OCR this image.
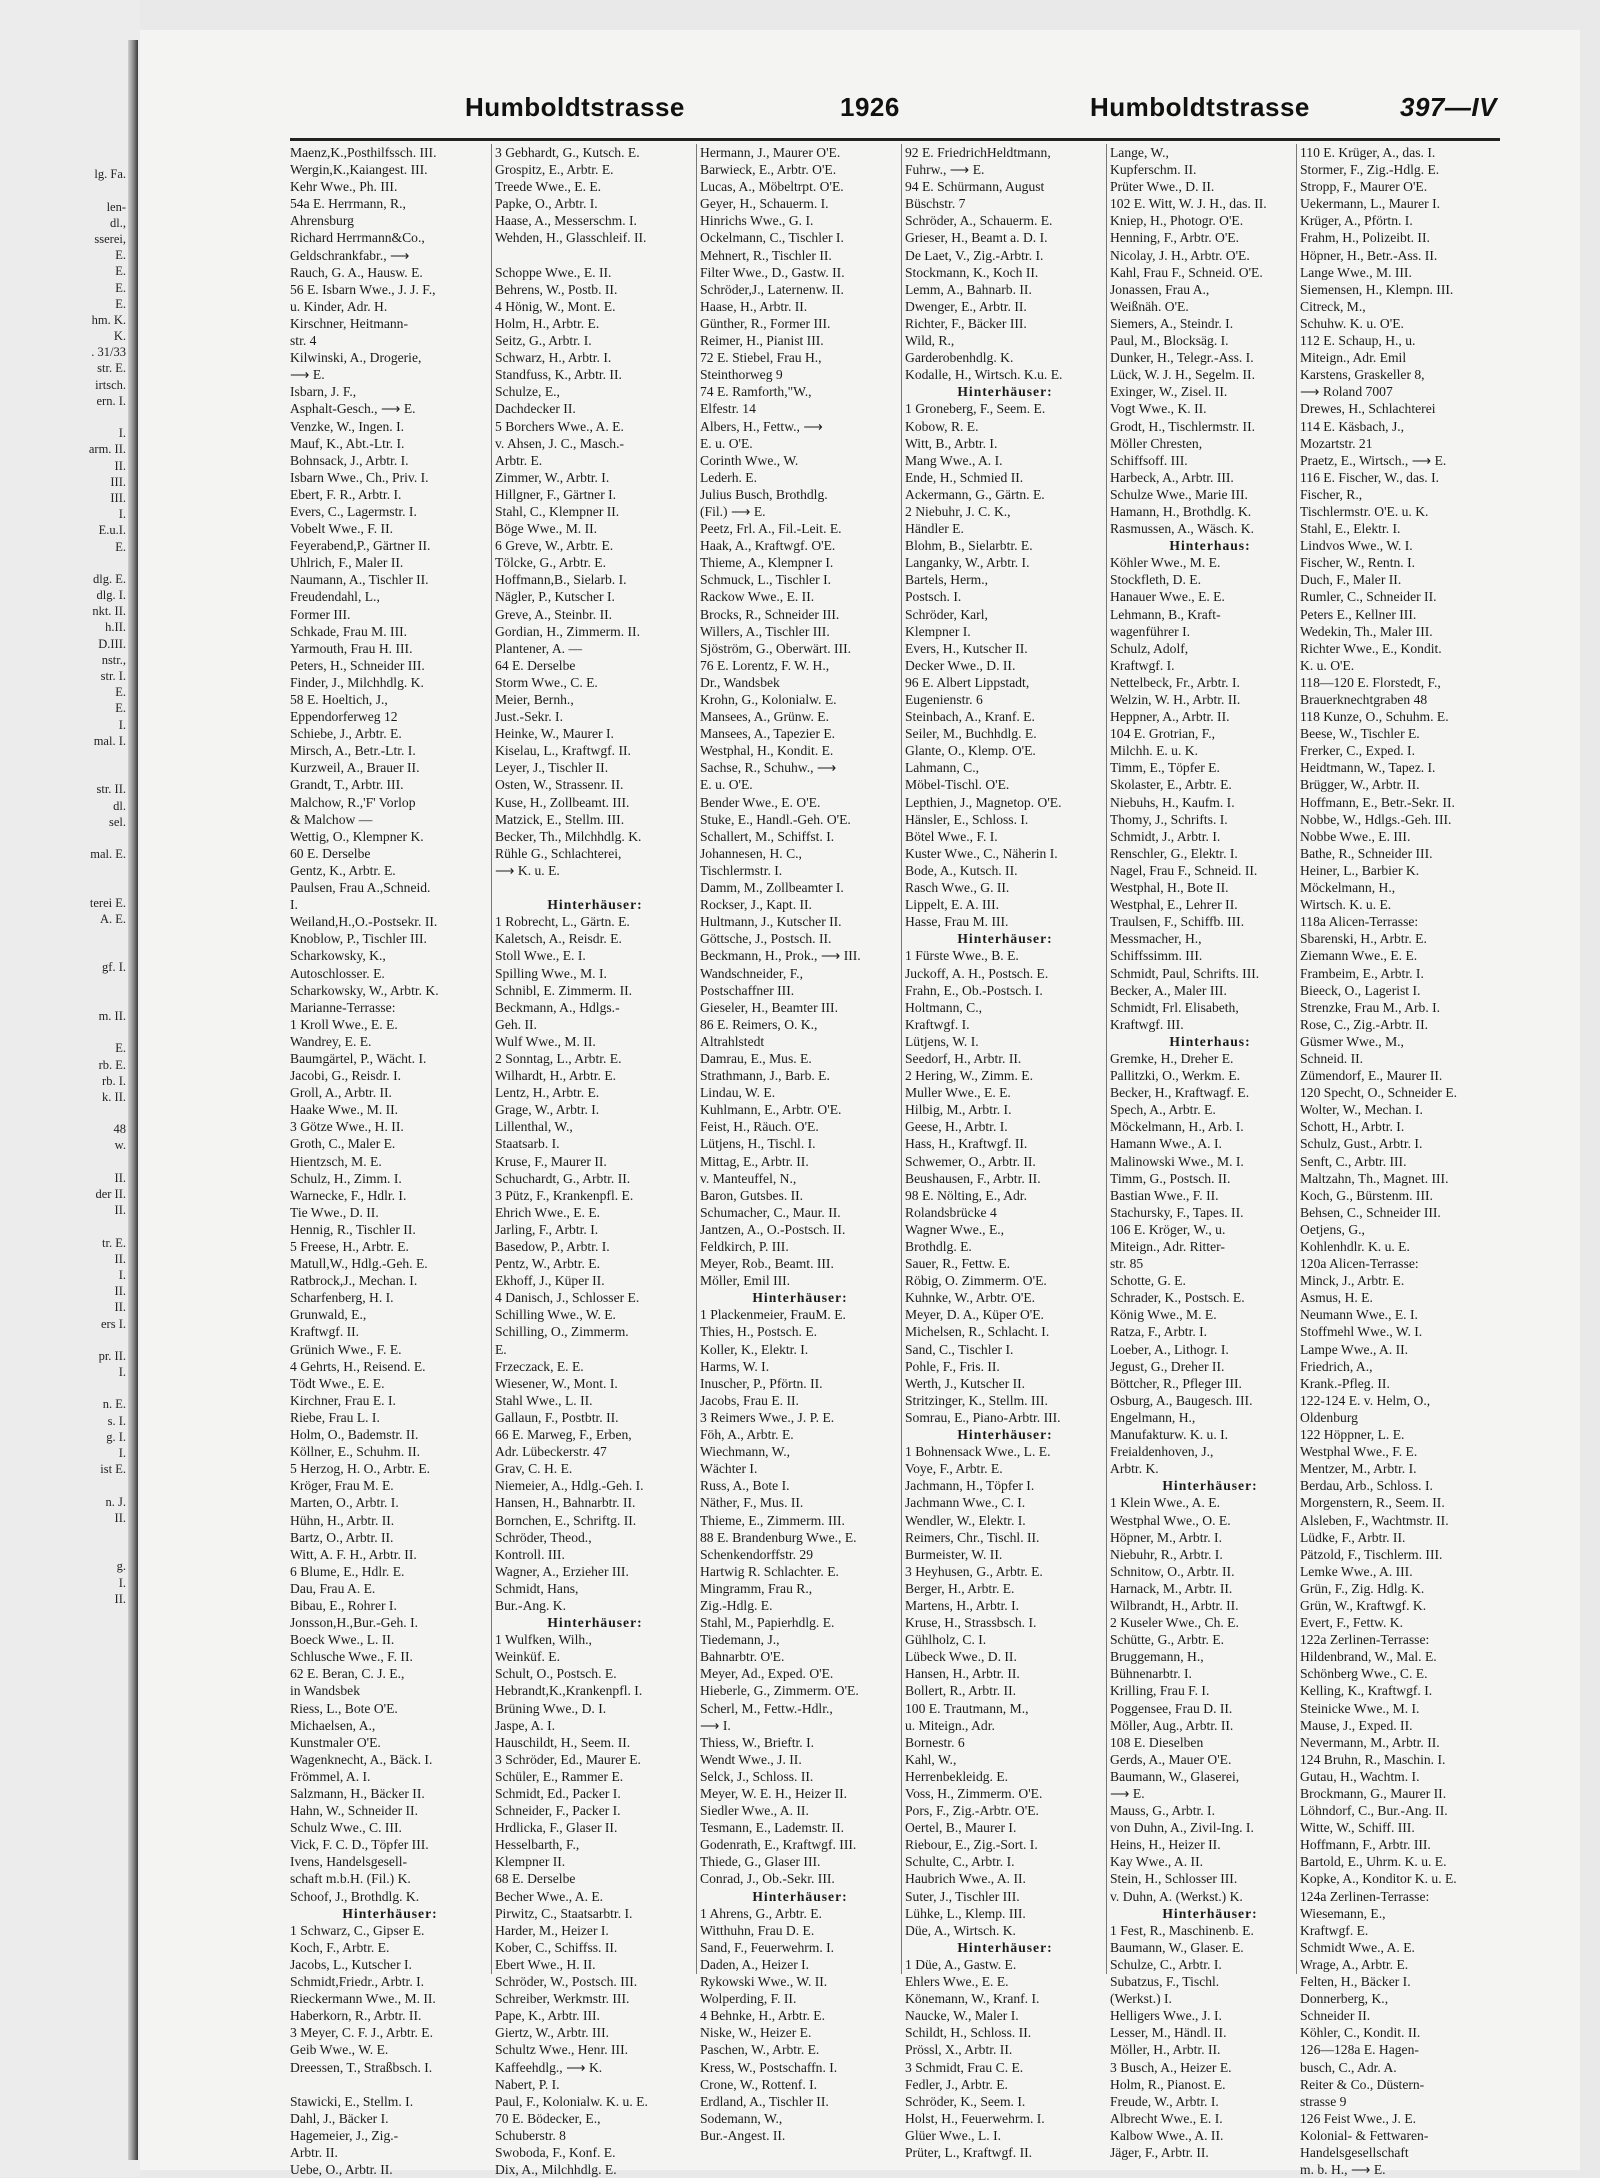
lg. Fa.
len-
dl.,
sserei,
E.
E.
E.
E.
hm. K.
K.
. 31/33
str. E.
irtsch.
ern. I.
I.
arm. II.
II.
III.
III.
I.
E.u.I.
E.
dlg. E.
dlg. I.
nkt. II.
h.II.
D.III.
nstr.,
str. I.
E.
E.
I.
mal. I.
str. II.
dl.
sel.
mal. E.
terei E.
A. E.
gf. I.
m. II.
E.
rb. E.
rb. I.
k. II.
48
w.
II.
der II.
II.
tr. E.
II.
I.
II.
II.
ers I.
pr. II.
I.
n. E.
s. I.
g. I.
I.
ist E.
n. J.
II.
g.
I.
II.
Humboldtstrasse	1926	Humboldtstrasse	397—IV
Maenz,K.,Posthilfssch. III.
Wergin,K.,Kaiangest. III.
Kehr Wwe., Ph. III.
54a E. Herrmann, R.,
Ahrensburg
Richard Herrmann&Co.,
Geldschrankfabr., ⟶
Rauch, G. A., Hausw. E.
56 E. Isbarn Wwe., J. J. F.,
u. Kinder, Adr. H.
Kirschner, Heitmann-
str. 4
Kilwinski, A., Drogerie,
⟶ E.
Isbarn, J. F.,
Asphalt-Gesch., ⟶ E.
Venzke, W., Ingen. I.
Mauf, K., Abt.-Ltr. I.
Bohnsack, J., Arbtr. I.
Isbarn Wwe., Ch., Priv. I.
Ebert, F. R., Arbtr. I.
Evers, C., Lagermstr. I.
Vobelt Wwe., F. II.
Feyerabend,P., Gärtner II.
Uhlrich, F., Maler II.
Naumann, A., Tischler II.
Freudendahl, L.,
Former III.
Schkade, Frau M. III.
Yarmouth, Frau H. III.
Peters, H., Schneider III.
Finder, J., Milchhdlg. K.
58 E. Hoeltich, J.,
Eppendorferweg 12
Schiebe, J., Arbtr. E.
Mirsch, A., Betr.-Ltr. I.
Kurzweil, A., Brauer II.
Grandt, T., Arbtr. III.
Malchow, R.,'F' Vorlop
& Malchow —
Wettig, O., Klempner K.
60 E. Derselbe
Gentz, K., Arbtr. E.
Paulsen, Frau A.,Schneid.
I.
Weiland,H.,O.-Postsekr. II.
Knoblow, P., Tischler III.
Scharkowsky, K.,
Autoschlosser. E.
Scharkowsky, W., Arbtr. K.
Marianne-Terrasse:
1 Kroll Wwe., E. E.
Wandrey, E. E.
Baumgärtel, P., Wächt. I.
Jacobi, G., Reisdr. I.
Groll, A., Arbtr. II.
Haake Wwe., M. II.
3 Götze Wwe., H. II.
Groth, C., Maler E.
Hientzsch, M. E.
Schulz, H., Zimm. I.
Warnecke, F., Hdlr. I.
Tie Wwe., D. II.
Hennig, R., Tischler II.
5 Freese, H., Arbtr. E.
Matull,W., Hdlg.-Geh. E.
Ratbrock,J., Mechan. I.
Scharfenberg, H. I.
Grunwald, E.,
Kraftwgf. II.
Grünich Wwe., F. E.
4 Gehrts, H., Reisend. E.
Tödt Wwe., E. E.
Kirchner, Frau E. I.
Riebe, Frau L. I.
Holm, O., Bademstr. II.
Köllner, E., Schuhm. II.
5 Herzog, H. O., Arbtr. E.
Kröger, Frau M. E.
Marten, O., Arbtr. I.
Hühn, H., Arbtr. II.
Bartz, O., Arbtr. II.
Witt, A. F. H., Arbtr. II.
6 Blume, E., Hdlr. E.
Dau, Frau A. E.
Bibau, E., Rohrer I.
Jonsson,H.,Bur.-Geh. I.
Boeck Wwe., L. II.
Schlusche Wwe., F. II.
62 E. Beran, C. J. E.,
in Wandsbek
Riess, L., Bote O'E.
Michaelsen, A.,
Kunstmaler O'E.
Wagenknecht, A., Bäck. I.
Frömmel, A. I.
Salzmann, H., Bäcker II.
Hahn, W., Schneider II.
Schulz Wwe., C. III.
Vick, F. C. D., Töpfer III.
Ivens, Handelsgesell-
schaft m.b.H. (Fil.) K.
Schoof, J., Brothdlg. K.
Hinterhäuser:
1 Schwarz, C., Gipser E.
Koch, F., Arbtr. E.
Jacobs, L., Kutscher I.
Schmidt,Friedr., Arbtr. I.
Rieckermann Wwe., M. II.
Haberkorn, R., Arbtr. II.
3 Meyer, C. F. J., Arbtr. E.
Geib Wwe., W. E.
Dreessen, T., Straßbsch. I.
Stawicki, E., Stellm. I.
Dahl, J., Bäcker I.
Hagemeier, J., Zig.-
Arbtr. II.
Uebe, O., Arbtr. II.
3 Gebhardt, G., Kutsch. E.
Grospitz, E., Arbtr. E.
Treede Wwe., E. E.
Papke, O., Arbtr. I.
Haase, A., Messerschm. I.
Wehden, H., Glasschleif. II.
Schoppe Wwe., E. II.
Behrens, W., Postb. II.
4 Hönig, W., Mont. E.
Holm, H., Arbtr. E.
Seitz, G., Arbtr. I.
Schwarz, H., Arbtr. I.
Standfuss, K., Arbtr. II.
Schulze, E.,
Dachdecker II.
5 Borchers Wwe., A. E.
v. Ahsen, J. C., Masch.-
Arbtr. E.
Zimmer, W., Arbtr. I.
Hillgner, F., Gärtner I.
Stahl, C., Klempner II.
Böge Wwe., M. II.
6 Greve, W., Arbtr. E.
Tölcke, G., Arbtr. E.
Hoffmann,B., Sielarb. I.
Nägler, P., Kutscher I.
Greve, A., Steinbr. II.
Gordian, H., Zimmerm. II.
Plantener, A. —
64 E. Derselbe
Storm Wwe., C. E.
Meier, Bernh.,
Just.-Sekr. I.
Heinke, W., Maurer I.
Kiselau, L., Kraftwgf. II.
Leyer, J., Tischler II.
Osten, W., Strassenr. II.
Kuse, H., Zollbeamt. III.
Matzick, E., Stellm. III.
Becker, Th., Milchhdlg. K.
Rühle G., Schlachterei,
⟶ K. u. E.
Hinterhäuser:
1 Robrecht, L., Gärtn. E.
Kaletsch, A., Reisdr. E.
Stoll Wwe., E. I.
Spilling Wwe., M. I.
Schnibl, E. Zimmerm. II.
Beckmann, A., Hdlgs.-
Geh. II.
Wulf Wwe., M. II.
2 Sonntag, L., Arbtr. E.
Wilhardt, H., Arbtr. E.
Lentz, H., Arbtr. E.
Grage, W., Arbtr. I.
Lillenthal, W.,
Staatsarb. I.
Kruse, F., Maurer II.
Schuchardt, G., Arbtr. II.
3 Pütz, F., Krankenpfl. E.
Ehrich Wwe., E. E.
Jarling, F., Arbtr. I.
Basedow, P., Arbtr. I.
Pentz, W., Arbtr. E.
Ekhoff, J., Küper II.
4 Danisch, J., Schlosser E.
Schilling Wwe., W. E.
Schilling, O., Zimmerm.
E.
Frzeczack, E. E.
Wiesener, W., Mont. I.
Stahl Wwe., L. II.
Gallaun, F., Postbtr. II.
66 E. Marweg, F., Erben,
Adr. Lübeckerstr. 47
Grav, C. H. E.
Niemeier, A., Hdlg.-Geh. I.
Hansen, H., Bahnarbtr. II.
Bornchen, E., Schriftg. II.
Schröder, Theod.,
Kontroll. III.
Wagner, A., Erzieher III.
Schmidt, Hans,
Bur.-Ang. K.
Hinterhäuser:
1 Wulfken, Wilh.,
Weinküf. E.
Schult, O., Postsch. E.
Hebrandt,K.,Krankenpfl. I.
Brüning Wwe., D. I.
Jaspe, A. I.
Hauschildt, H., Seem. II.
3 Schröder, Ed., Maurer E.
Schüler, E., Rammer E.
Schmidt, Ed., Packer I.
Schneider, F., Packer I.
Hrdlicka, F., Glaser II.
Hesselbarth, F.,
Klempner II.
68 E. Derselbe
Becher Wwe., A. E.
Pirwitz, C., Staatsarbtr. I.
Harder, M., Heizer I.
Kober, C., Schiffss. II.
Ebert Wwe., H. II.
Schröder, W., Postsch. III.
Schreiber, Werkmstr. III.
Pape, K., Arbtr. III.
Giertz, W., Arbtr. III.
Schultz Wwe., Henr. III.
Kaffeehdlg., ⟶ K.
Nabert, P. I.
Paul, F., Kolonialw. K. u. E.
70 E. Bödecker, E.,
Schuberstr. 8
Swoboda, F., Konf. E.
Dix, A., Milchhdlg. E.
Hermann, J., Maurer O'E.
Barwieck, E., Arbtr. O'E.
Lucas, A., Möbeltrpt. O'E.
Geyer, H., Schauerm. I.
Hinrichs Wwe., G. I.
Ockelmann, C., Tischler I.
Mehnert, R., Tischler II.
Filter Wwe., D., Gastw. II.
Schröder,J., Laternenw. II.
Haase, H., Arbtr. II.
Günther, R., Former III.
Reimer, H., Pianist III.
72 E. Stiebel, Frau H.,
Steinthorweg 9
74 E. Ramforth,"W.,
Elfestr. 14
Albers, H., Fettw., ⟶
E. u. O'E.
Corinth Wwe., W.
Lederh. E.
Julius Busch, Brothdlg.
(Fil.) ⟶ E.
Peetz, Frl. A., Fil.-Leit. E.
Haak, A., Kraftwgf. O'E.
Thieme, A., Klempner I.
Schmuck, L., Tischler I.
Rackow Wwe., E. II.
Brocks, R., Schneider III.
Willers, A., Tischler III.
Sjöström, G., Oberwärt. III.
76 E. Lorentz, F. W. H.,
Dr., Wandsbek
Krohn, G., Kolonialw. E.
Mansees, A., Grünw. E.
Mansees, A., Tapezier E.
Westphal, H., Kondit. E.
Sachse, R., Schuhw., ⟶
E. u. O'E.
Bender Wwe., E. O'E.
Stuke, E., Handl.-Geh. O'E.
Schallert, M., Schiffst. I.
Johannesen, H. C.,
Tischlermstr. I.
Damm, M., Zollbeamter I.
Rockser, J., Kapt. II.
Hultmann, J., Kutscher II.
Göttsche, J., Postsch. II.
Beckmann, H., Prok., ⟶ III.
Wandschneider, F.,
Postschaffner III.
Gieseler, H., Beamter III.
86 E. Reimers, O. K.,
Altrahlstedt
Damrau, E., Mus. E.
Strathmann, J., Barb. E.
Lindau, W. E.
Kuhlmann, E., Arbtr. O'E.
Feist, H., Räuch. O'E.
Lütjens, H., Tischl. I.
Mittag, E., Arbtr. II.
v. Manteuffel, N.,
Baron, Gutsbes. II.
Schumacher, C., Maur. II.
Jantzen, A., O.-Postsch. II.
Feldkirch, P. III.
Meyer, Rob., Beamt. III.
Möller, Emil III.
Hinterhäuser:
1 Plackenmeier, FrauM. E.
Thies, H., Postsch. E.
Koller, K., Elektr. I.
Harms, W. I.
Inuscher, P., Pförtn. II.
Jacobs, Frau E. II.
3 Reimers Wwe., J. P. E.
Föh, A., Arbtr. E.
Wiechmann, W.,
Wächter I.
Russ, A., Bote I.
Näther, F., Mus. II.
Thieme, E., Zimmerm. III.
88 E. Brandenburg Wwe., E.
Schenkendorffstr. 29
Hartwig R. Schlachter. E.
Mingramm, Frau R.,
Zig.-Hdlg. E.
Stahl, M., Papierhdlg. E.
Tiedemann, J.,
Bahnarbtr. O'E.
Meyer, Ad., Exped. O'E.
Hieberle, G., Zimmerm. O'E.
Scherl, M., Fettw.-Hdlr.,
⟶ I.
Thiess, W., Brieftr. I.
Wendt Wwe., J. II.
Selck, J., Schloss. II.
Meyer, W. E. H., Heizer II.
Siedler Wwe., A. II.
Tesmann, E., Lademstr. II.
Godenrath, E., Kraftwgf. III.
Thiede, G., Glaser III.
Conrad, J., Ob.-Sekr. III.
Hinterhäuser:
1 Ahrens, G., Arbtr. E.
Witthuhn, Frau D. E.
Sand, F., Feuerwehrm. I.
Daden, A., Heizer I.
Rykowski Wwe., W. II.
Wolperding, F. II.
4 Behnke, H., Arbtr. E.
Niske, W., Heizer E.
Paschen, W., Arbtr. E.
Kress, W., Postschaffn. I.
Crone, W., Rottenf. I.
Erdland, A., Tischler II.
Sodemann, W.,
Bur.-Angest. II.
92 E. FriedrichHeldtmann,
Fuhrw., ⟶ E.
94 E. Schürmann, August
Büschstr. 7
Schröder, A., Schauerm. E.
Grieser, H., Beamt a. D. I.
De Laet, V., Zig.-Arbtr. I.
Stockmann, K., Koch II.
Lemm, A., Bahnarb. II.
Dwenger, E., Arbtr. II.
Richter, F., Bäcker III.
Wild, R.,
Garderobenhdlg. K.
Kodalle, H., Wirtsch. K.u. E.
Hinterhäuser:
1 Groneberg, F., Seem. E.
Kobow, R. E.
Witt, B., Arbtr. I.
Mang Wwe., A. I.
Ende, H., Schmied II.
Ackermann, G., Gärtn. E.
2 Niebuhr, J. C. K.,
Händler E.
Blohm, B., Sielarbtr. E.
Langanky, W., Arbtr. I.
Bartels, Herm.,
Postsch. I.
Schröder, Karl,
Klempner I.
Evers, H., Kutscher II.
Decker Wwe., D. II.
96 E. Albert Lippstadt,
Eugenienstr. 6
Steinbach, A., Kranf. E.
Seiler, M., Buchhdlg. E.
Glante, O., Klemp. O'E.
Lahmann, C.,
Möbel-Tischl. O'E.
Lepthien, J., Magnetop. O'E.
Hänsler, E., Schloss. I.
Bötel Wwe., F. I.
Kuster Wwe., C., Näherin I.
Bode, A., Kutsch. II.
Rasch Wwe., G. II.
Lippelt, E. A. III.
Hasse, Frau M. III.
Hinterhäuser:
1 Fürste Wwe., B. E.
Juckoff, A. H., Postsch. E.
Frahn, E., Ob.-Postsch. I.
Holtmann, C.,
Kraftwgf. I.
Lütjens, W. I.
Seedorf, H., Arbtr. II.
2 Hering, W., Zimm. E.
Muller Wwe., E. E.
Hilbig, M., Arbtr. I.
Geese, H., Arbtr. I.
Hass, H., Kraftwgf. II.
Schwemer, O., Arbtr. II.
Beushausen, F., Arbtr. II.
98 E. Nölting, E., Adr.
Rolandsbrücke 4
Wagner Wwe., E.,
Brothdlg. E.
Sauer, R., Fettw. E.
Röbig, O. Zimmerm. O'E.
Kuhnke, W., Arbtr. O'E.
Meyer, D. A., Küper O'E.
Michelsen, R., Schlacht. I.
Sand, C., Tischler I.
Pohle, F., Fris. II.
Werth, J., Kutscher II.
Stritzinger, K., Stellm. III.
Somrau, E., Piano-Arbtr. III.
Hinterhäuser:
1 Bohnensack Wwe., L. E.
Voye, F., Arbtr. E.
Jachmann, H., Töpfer I.
Jachmann Wwe., C. I.
Wendler, W., Elektr. I.
Reimers, Chr., Tischl. II.
Burmeister, W. II.
3 Heyhusen, G., Arbtr. E.
Berger, H., Arbtr. E.
Martens, H., Arbtr. I.
Kruse, H., Strassbsch. I.
Gühlholz, C. I.
Lübeck Wwe., D. II.
Hansen, H., Arbtr. II.
Bollert, R., Arbtr. II.
100 E. Trautmann, M.,
u. Miteign., Adr.
Bornestr. 6
Kahl, W.,
Herrenbekleidg. E.
Voss, H., Zimmerm. O'E.
Pors, F., Zig.-Arbtr. O'E.
Oertel, B., Maurer I.
Riebour, E., Zig.-Sort. I.
Schulte, C., Arbtr. I.
Haubrich Wwe., A. II.
Suter, J., Tischler III.
Lühke, L., Klemp. III.
Düe, A., Wirtsch. K.
Hinterhäuser:
1 Düe, A., Gastw. E.
Ehlers Wwe., E. E.
Könemann, W., Kranf. I.
Naucke, W., Maler I.
Schildt, H., Schloss. II.
Prössl, X., Arbtr. II.
3 Schmidt, Frau C. E.
Fedler, J., Arbtr. E.
Schröder, K., Seem. I.
Holst, H., Feuerwehrm. I.
Glüer Wwe., L. I.
Prüter, L., Kraftwgf. II.
Lange, W.,
Kupferschm. II.
Prüter Wwe., D. II.
102 E. Witt, W. J. H., das. II.
Kniep, H., Photogr. O'E.
Henning, F., Arbtr. O'E.
Nicolay, J. H., Arbtr. O'E.
Kahl, Frau F., Schneid. O'E.
Jonassen, Frau A.,
Weißnäh. O'E.
Siemers, A., Steindr. I.
Paul, M., Blocksäg. I.
Dunker, H., Telegr.-Ass. I.
Lück, W. J. H., Segelm. II.
Exinger, W., Zisel. II.
Vogt Wwe., K. II.
Grodt, H., Tischlermstr. II.
Möller Chresten,
Schiffsoff. III.
Harbeck, A., Arbtr. III.
Schulze Wwe., Marie III.
Hamann, H., Brothdlg. K.
Rasmussen, A., Wäsch. K.
Hinterhaus:
Köhler Wwe., M. E.
Stockfleth, D. E.
Hanauer Wwe., E. E.
Lehmann, B., Kraft-
wagenführer I.
Schulz, Adolf,
Kraftwgf. I.
Nettelbeck, Fr., Arbtr. I.
Welzin, W. H., Arbtr. II.
Heppner, A., Arbtr. II.
104 E. Grotrian, F.,
Milchh. E. u. K.
Timm, E., Töpfer E.
Skolaster, E., Arbtr. E.
Niebuhs, H., Kaufm. I.
Thomy, J., Schrifts. I.
Schmidt, J., Arbtr. I.
Renschler, G., Elektr. I.
Nagel, Frau F., Schneid. II.
Westphal, H., Bote II.
Westphal, E., Lehrer II.
Traulsen, F., Schiffb. III.
Messmacher, H.,
Schiffssimm. III.
Schmidt, Paul, Schrifts. III.
Becker, A., Maler III.
Schmidt, Frl. Elisabeth,
Kraftwgf. III.
Hinterhaus:
Gremke, H., Dreher E.
Pallitzki, O., Werkm. E.
Becker, H., Kraftwagf. E.
Spech, A., Arbtr. E.
Möckelmann, H., Arb. I.
Hamann Wwe., A. I.
Malinowski Wwe., M. I.
Timm, G., Postsch. II.
Bastian Wwe., F. II.
Stachursky, F., Tapes. II.
106 E. Kröger, W., u.
Miteign., Adr. Ritter-
str. 85
Schotte, G. E.
Schrader, K., Postsch. E.
König Wwe., M. E.
Ratza, F., Arbtr. I.
Loeber, A., Lithogr. I.
Jegust, G., Dreher II.
Böttcher, R., Pfleger III.
Osburg, A., Baugesch. III.
Engelmann, H.,
Manufakturw. K. u. I.
Freialdenhoven, J.,
Arbtr. K.
Hinterhäuser:
1 Klein Wwe., A. E.
Westphal Wwe., O. E.
Höpner, M., Arbtr. I.
Niebuhr, R., Arbtr. I.
Schnitow, O., Arbtr. II.
Harnack, M., Arbtr. II.
Wilbrandt, H., Arbtr. II.
2 Kuseler Wwe., Ch. E.
Schütte, G., Arbtr. E.
Bruggemann, H.,
Bühnenarbtr. I.
Krilling, Frau F. I.
Poggensee, Frau D. II.
Möller, Aug., Arbtr. II.
108 E. Dieselben
Gerds, A., Mauer O'E.
Baumann, W., Glaserei,
⟶ E.
Mauss, G., Arbtr. I.
von Duhn, A., Zivil-Ing. I.
Heins, H., Heizer II.
Kay Wwe., A. II.
Stein, H., Schlosser III.
v. Duhn, A. (Werkst.) K.
Hinterhäuser:
1 Fest, R., Maschinenb. E.
Baumann, W., Glaser. E.
Schulze, C., Arbtr. I.
Subatzus, F., Tischl.
(Werkst.) I.
Helligers Wwe., J. I.
Lesser, M., Händl. II.
Möller, H., Arbtr. II.
3 Busch, A., Heizer E.
Holm, R., Pianost. E.
Freude, W., Arbtr. I.
Albrecht Wwe., E. I.
Kalbow Wwe., A. II.
Jäger, F., Arbtr. II.
110 E. Krüger, A., das. I.
Stormer, F., Zig.-Hdlg. E.
Stropp, F., Maurer O'E.
Uekermann, L., Maurer I.
Krüger, A., Pförtn. I.
Frahm, H., Polizeibt. II.
Höpner, H., Betr.-Ass. II.
Lange Wwe., M. III.
Siemensen, H., Klempn. III.
Citreck, M.,
Schuhw. K. u. O'E.
112 E. Schaup, H., u.
Miteign., Adr. Emil
Karstens, Graskeller 8,
⟶ Roland 7007
Drewes, H., Schlachterei
114 E. Käsbach, J.,
Mozartstr. 21
Praetz, E., Wirtsch., ⟶ E.
116 E. Fischer, W., das. I.
Fischer, R.,
Tischlermstr. O'E. u. K.
Stahl, E., Elektr. I.
Lindvos Wwe., W. I.
Fischer, W., Rentn. I.
Duch, F., Maler II.
Rumler, C., Schneider II.
Peters E., Kellner III.
Wedekin, Th., Maler III.
Richter Wwe., E., Kondit.
K. u. O'E.
118—120 E. Florstedt, F.,
Brauerknechtgraben 48
118 Kunze, O., Schuhm. E.
Beese, W., Tischler E.
Frerker, C., Exped. I.
Heidtmann, W., Tapez. I.
Brügger, W., Arbtr. II.
Hoffmann, E., Betr.-Sekr. II.
Nobbe, W., Hdlgs.-Geh. III.
Nobbe Wwe., E. III.
Bathe, R., Schneider III.
Heiner, L., Barbier K.
Möckelmann, H.,
Wirtsch. K. u. E.
118a Alicen-Terrasse:
Sbarenski, H., Arbtr. E.
Ziemann Wwe., E. E.
Frambeim, E., Arbtr. I.
Bieeck, O., Lagerist I.
Strenzke, Frau M., Arb. I.
Rose, C., Zig.-Arbtr. II.
Güsmer Wwe., M.,
Schneid. II.
Zümendorf, E., Maurer II.
120 Specht, O., Schneider E.
Wolter, W., Mechan. I.
Schott, H., Arbtr. I.
Schulz, Gust., Arbtr. I.
Senft, C., Arbtr. III.
Maltzahn, Th., Magnet. III.
Koch, G., Bürstenm. III.
Behsen, C., Schneider III.
Oetjens, G.,
Kohlenhdlr. K. u. E.
120a Alicen-Terrasse:
Minck, J., Arbtr. E.
Asmus, H. E.
Neumann Wwe., E. I.
Stoffmehl Wwe., W. I.
Lampe Wwe., A. II.
Friedrich, A.,
Krank.-Pfleg. II.
122-124 E. v. Helm, O.,
Oldenburg
122 Höppner, L. E.
Westphal Wwe., F. E.
Mentzer, M., Arbtr. I.
Berdau, Arb., Schloss. I.
Morgenstern, R., Seem. II.
Alsleben, F., Wachtmstr. II.
Lüdke, F., Arbtr. II.
Pätzold, F., Tischlerm. III.
Lemke Wwe., A. III.
Grün, F., Zig. Hdlg. K.
Grün, W., Kraftwgf. K.
Evert, F., Fettw. K.
122a Zerlinen-Terrasse:
Hildenbrand, W., Mal. E.
Schönberg Wwe., C. E.
Kelling, K., Kraftwgf. I.
Steinicke Wwe., M. I.
Mause, J., Exped. II.
Nevermann, M., Arbtr. II.
124 Bruhn, R., Maschin. I.
Gutau, H., Wachtm. I.
Brockmann, G., Maurer II.
Löhndorf, C., Bur.-Ang. II.
Witte, W., Schiff. III.
Hoffmann, F., Arbtr. III.
Bartold, E., Uhrm. K. u. E.
Kopke, A., Konditor K. u. E.
124a Zerlinen-Terrasse:
Wiesemann, E.,
Kraftwgf. E.
Schmidt Wwe., A. E.
Wrage, A., Arbtr. E.
Felten, H., Bäcker I.
Donnerberg, K.,
Schneider II.
Köhler, C., Kondit. II.
126—128a E. Hagen-
busch, C., Adr. A.
Reiter & Co., Düstern-
strasse 9
126 Feist Wwe., J. E.
Kolonial- & Fettwaren-
Handelsgesellschaft
m. b. H., ⟶ E.
